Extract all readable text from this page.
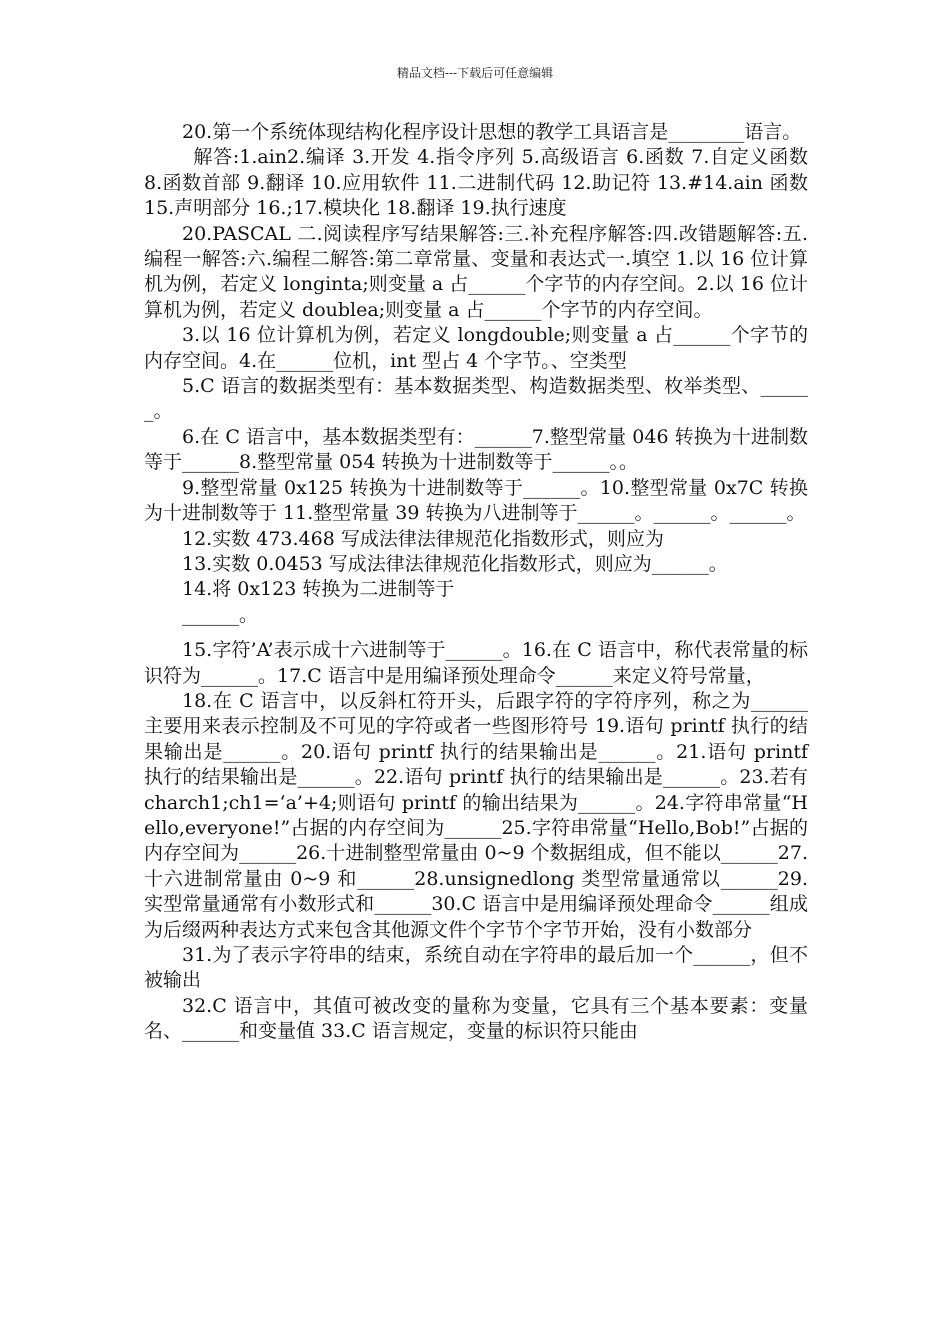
精品文档---下载后可任意编辑

20.第一个系统体现结构化程序设计思想的教学工具语言是________语言。

解答:1.ain2.编译 3.开发 4.指令序列 5.高级语言 6.函数 7.自定义函数 8.函数首部 9.翻译 10.应用软件 11.二进制代码 12.助记符 13.#14.ain 函数 15.声明部分 16.;17.模块化 18.翻译 19.执行速度

20.PASCAL 二.阅读程序写结果解答:三.补充程序解答:四.改错题解答:五.编程一解答:六.编程二解答:第二章常量、变量和表达式一.填空 1.以 16 位计算机为例，若定义 longinta;则变量 a 占______个字节的内存空间。2.以 16 位计算机为例，若定义 doublea;则变量 a 占______个字节的内存空间。

3.以 16 位计算机为例，若定义 longdouble;则变量 a 占______个字节的内存空间。4.在______位机，int 型占 4 个字节。、空类型

5.C 语言的数据类型有：基本数据类型、构造数据类型、枚举类型、______。

6.在 C 语言中，基本数据类型有：______7.整型常量 046 转换为十进制数等于______8.整型常量 054 转换为十进制数等于______。。

9.整型常量 0x125 转换为十进制数等于______。10.整型常量 0x7C 转换为十进制数等于 11.整型常量 39 转换为八进制等于______。______。______。

12.实数 473.468 写成法律法律规范化指数形式，则应为

13.实数 0.0453 写成法律法律规范化指数形式，则应为______。

14.将 0x123 转换为二进制等于

______。

15.字符’A’表示成十六进制等于______。16.在 C 语言中，称代表常量的标识符为______。17.C 语言中是用编译预处理命令______来定义符号常量，

18.在 C 语言中，以反斜杠符开头，后跟字符的字符序列，称之为______主要用来表示控制及不可见的字符或者一些图形符号 19.语句 printf 执行的结果输出是______。20.语句 printf 执行的结果输出是______。21.语句 printf 执行的结果输出是______。22.语句 printf 执行的结果输出是______。23.若有 charch1;ch1=‘a’+4;则语句 printf 的输出结果为______。24.字符串常量“Hello,everyone!”占据的内存空间为______25.字符串常量“Hello,Bob!”占据的内存空间为______26.十进制整型常量由 0~9 个数据组成，但不能以______27.十六进制常量由 0~9 和______28.unsignedlong 类型常量通常以______29.实型常量通常有小数形式和______30.C 语言中是用编译预处理命令______组成为后缀两种表达方式来包含其他源文件个字节个字节开始，没有小数部分

31.为了表示字符串的结束，系统自动在字符串的最后加一个______，但不被输出

32.C 语言中，其值可被改变的量称为变量，它具有三个基本要素：变量名、______和变量值 33.C 语言规定，变量的标识符只能由
